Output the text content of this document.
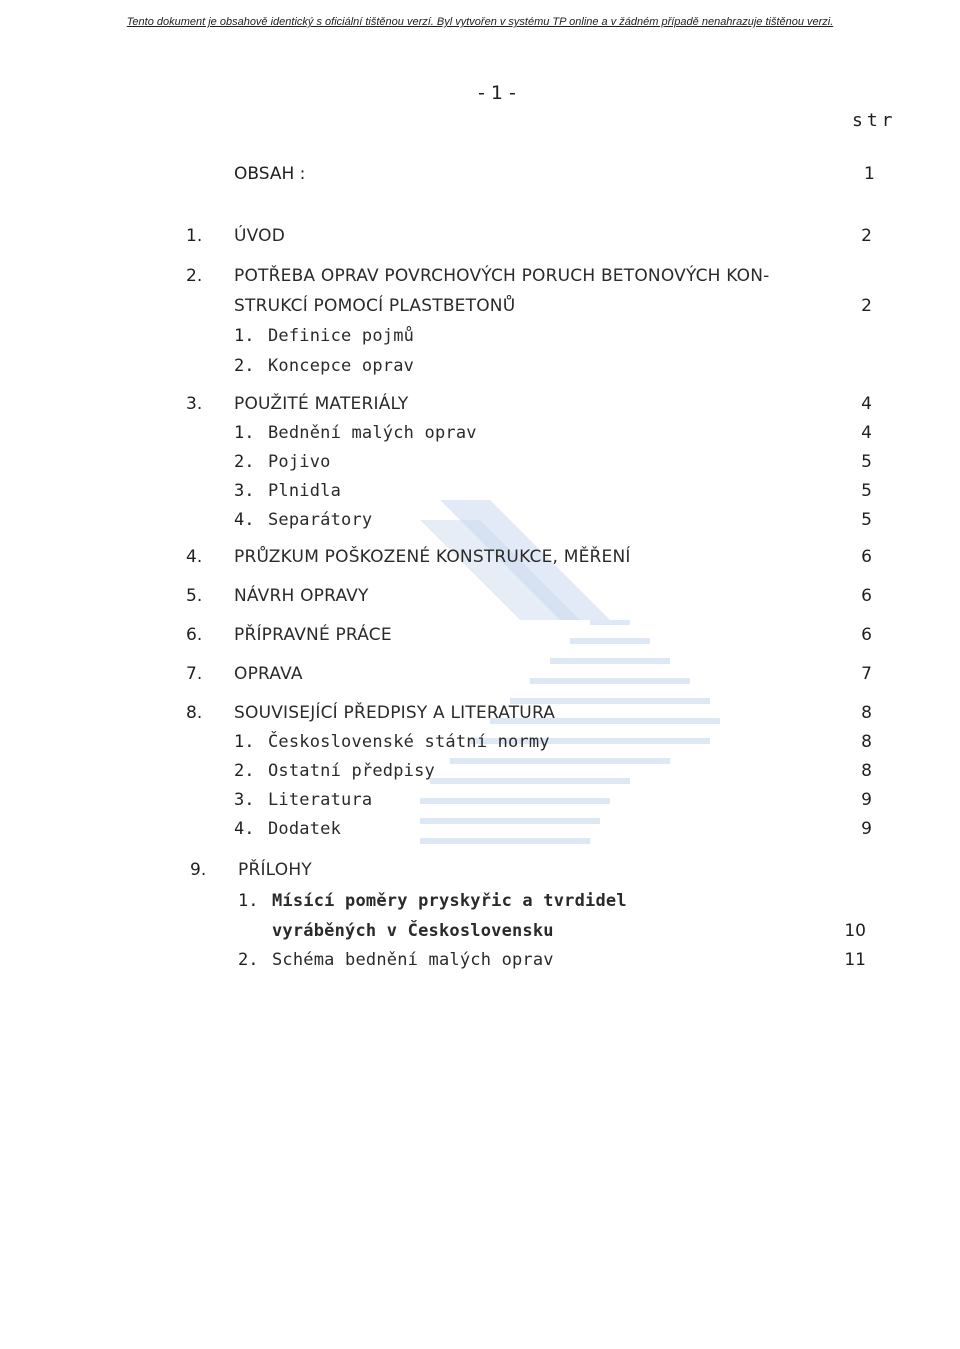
Tento dokument je obsahově identický s oficiální tištěnou verzí. Byl vytvořen v systému TP online a v žádném případě nenahrazuje tištěnou verzi.
- 1 -
str
OBSAH :	1
1. ÚVOD	2
2. POTŘEBA OPRAV POVRCHOVÝCH PORUCH BETONOVÝCH KON-
STRUKCÍ POMOCÍ PLASTBETONŮ	2
1. Definice pojmů
2. Koncepce oprav
3. POUŽITÉ MATERIÁLY	4
1. Bednění malých oprav	4
2. Pojivo	5
3. Plnidla	5
4. Separátory	5
4. PRŮZKUM POŠKOZENÉ KONSTRUKCE, MĚŘENÍ	6
5. NÁVRH OPRAVY	6
6. PŘÍPRAVNÉ PRÁCE	6
7. OPRAVA	7
8. SOUVISEJÍCÍ PŘEDPISY A LITERATURA	8
1. Československé státní normy	8
2. Ostatní předpisy	8
3. Literatura	9
4. Dodatek	9
9. PŘÍLOHY
1. Mísící poměry pryskyřic a tvrdidel
vyráběných v Československu	10
2. Schéma bednění malých oprav	11
